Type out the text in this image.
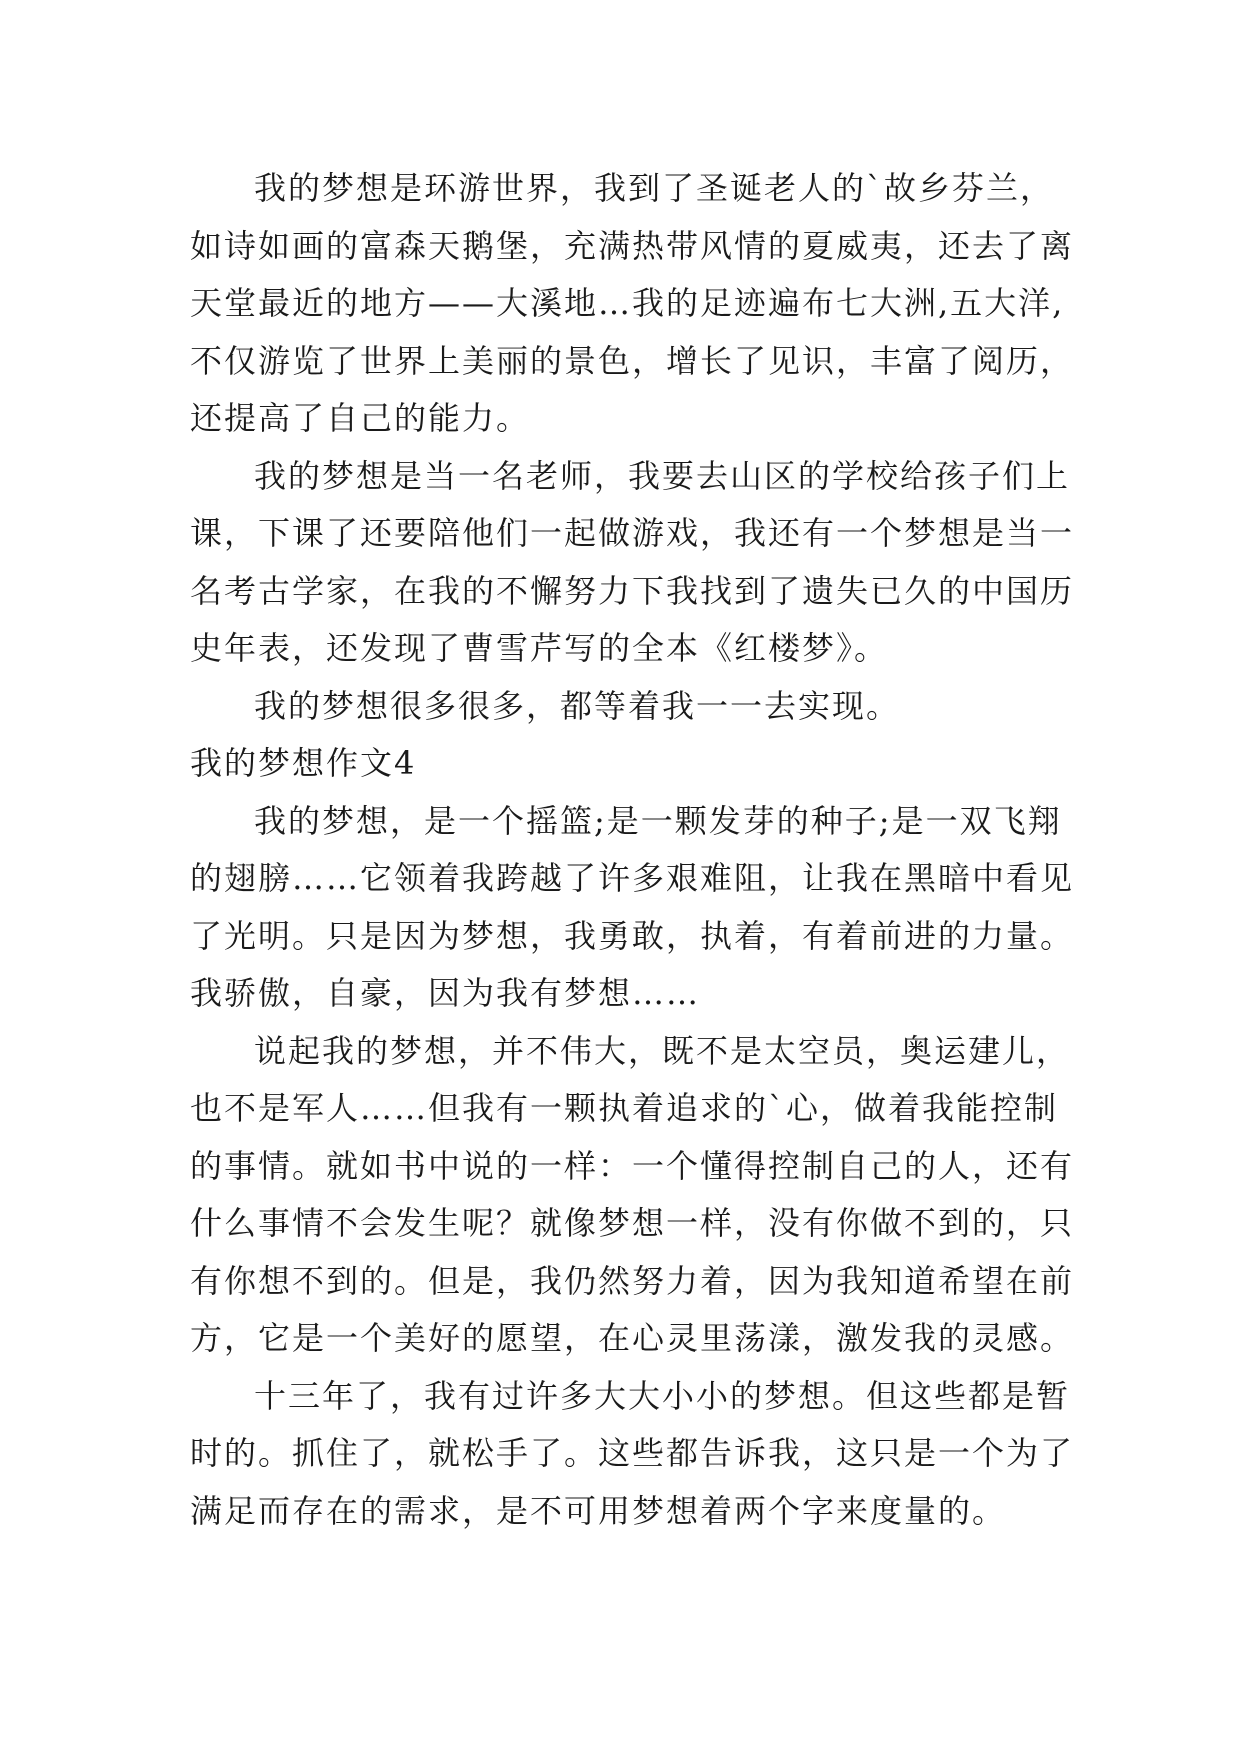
我的梦想是环游世界，我到了圣诞老人的`故乡芬兰，
如诗如画的富森天鹅堡，充满热带风情的夏威夷，还去了离
天堂最近的地方——大溪地…我的足迹遍布七大洲,五大洋,
不仅游览了世界上美丽的景色，增长了见识，丰富了阅历，
还提高了自己的能力。
我的梦想是当一名老师，我要去山区的学校给孩子们上
课，下课了还要陪他们一起做游戏，我还有一个梦想是当一
名考古学家，在我的不懈努力下我找到了遗失已久的中国历
史年表，还发现了曹雪芹写的全本《红楼梦》。
我的梦想很多很多，都等着我一一去实现。
我的梦想作文4
我的梦想，是一个摇篮;是一颗发芽的种子;是一双飞翔
的翅膀……它领着我跨越了许多艰难阻，让我在黑暗中看见
了光明。只是因为梦想，我勇敢，执着，有着前进的力量。
我骄傲，自豪，因为我有梦想……
说起我的梦想，并不伟大，既不是太空员，奥运建儿，
也不是军人……但我有一颗执着追求的`心，做着我能控制
的事情。就如书中说的一样：一个懂得控制自己的人，还有
什么事情不会发生呢？就像梦想一样，没有你做不到的，只
有你想不到的。但是，我仍然努力着，因为我知道希望在前
方，它是一个美好的愿望，在心灵里荡漾，激发我的灵感。
十三年了，我有过许多大大小小的梦想。但这些都是暂
时的。抓住了，就松手了。这些都告诉我，这只是一个为了
满足而存在的需求，是不可用梦想着两个字来度量的。
